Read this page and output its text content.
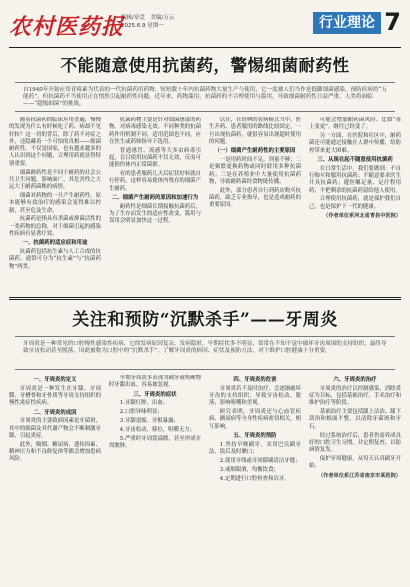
农村医药报
编辑/章壹　美编/万云
2025.6.9 星期一	行业理论 7
不能随意使用抗菌药，警惕细菌耐药性
自1940年开始应用青霉素为代表的一代抗菌药用药物，短短数十年内抗菌药物大量生产与使用，它一度被人们当作是抵御细菌感染、预防疾病的“万能药”，但抗菌药不当使用正在悄然引起耐药性问题。近年来，药物滥用，抗菌药的不合理使用与滥用，导致细菌耐药性日益严重，人类将面临——“超级细菌”的挑战。

随着抗菌药的临床应用普遍，慢慢的发现为什么有时候吃了药、病却不见好转？这一切的背后，除了药不对症之外，还隐藏着一个可怕的真相——细菌耐药性。不仅是国家，也有越来越多的人认识到这个问题，合理用药就显得特别重要。

细菌耐药性是不同于耐药的社会公共卫生问题，影响面广，其危害性之大远大于耐药菌株的病情。

细菌对药物的一旦产生耐药性，原本能够有效治疗的感染会变得难以控制，甚至危及生命。

抗菌药是指具有杀菌或抑菌活性的一类药物的总称，对于细菌引起的感染性疾病有显著疗效。

一、抗菌药的适应症和用途

抗菌药包括抗生素与人工合成的抗菌药，通常可分为“抗生素”与“抗菌药物”两类。

抗菌药物主要是针对细菌感染的药物，对病毒感染无效。不同种类的抗菌药作用机制不同，适用范围也不同，应在医生或药师指导下选用。

普通感冒、流感等大多由病毒引起，盲目使用抗菌药不仅无效，反而可能损伤体内正常菌群。

有的患者服药几天后症状好转就自行停药，这样容易使体内残存的细菌产生耐药。

二、细菌产生耐药的原因和加速行为

耐药性是细菌长期接触抗菌药后，为了生存而发生的适应性改变，滥用与误用会明显加快这一过程。

以往，在经典的看病模式当中，医生开药、患者服用的路线比较固定，一旦出现抗菌药，就很容易出现超时使用的问题。

（一）细菌产生耐药性的主要原因

一是用药时间不足，剂量不够；二是频繁更换药物或同时联用多种抗菌药；三是在养殖业中大量使用抗菌药物，导致耐药菌经食物链传播。

此外，部分患者自行到药店购买抗菌药，缺乏专业指导，也是造成耐药的重要原因。

可能会增加耐药菌风险。比如“毒上变更”。继往已经变了。

另一方面，在医院和社区中，耐药菌还可能通过接触在人群中传播，给防控带来更大困难。

三、从现在起不随意使用抗菌药

在日常生活中，我们要做到：不自行购买和服用抗菌药；不随意要求医生开具抗菌药；遵医嘱足量、足疗程用药；不把剩余的抗菌药留给他人使用。

合理使用抗菌药，就是保护我们自己，也是保护下一代的健康。

（作者单位系河北省青县中医院）
关注和预防“沉默杀手”——牙周炎
牙周炎是一种常见的口腔慢性感染性疾病，它的发病原因复杂，发病隐匿，早期症状多不明显，常常在不知不觉中破坏牙齿周围的支持组织，最终导致牙齿松动甚至脱落，因此被称为口腔中的“沉默杀手”。了解牙周炎的病因、症状及预防方法，对于维护口腔健康十分重要。

一、牙周炎的定义

牙周炎是一种发生在牙龈、牙周膜、牙槽骨和牙骨质等牙周支持组织的慢性炎症性疾病。

二、牙周炎的成因

牙周炎的主要致病因素是牙菌斑，其中的细菌及其代谢产物会不断刺激牙龈，引起炎症。

此外，吸烟、糖尿病、遗传因素、精神压力和不良修复体等都会增加患病风险。

早期牙周炎多表现为刷牙或咬硬物时牙龈出血，容易被忽视。

三、牙周炎的症状

1.牙龈红肿、出血；

2.口腔异味明显；

3.牙龈退缩、牙根暴露；

4.牙齿松动、移位，咀嚼无力；

5.严重时牙周袋溢脓，甚至形成牙周脓肿。

四、牙周炎的危害

牙周炎若不及时治疗，会逐渐破坏牙齿的支持组织，导致牙齿松动、脱落，影响咀嚼和美观。

研究表明，牙周炎还与心血管疾病、糖尿病等全身性疾病密切相关，相互影响。

五、牙周炎的预防

1.坚持早晚刷牙，采用巴氏刷牙法，饭后及时漱口；

2.使用牙线或牙间隙刷清洁牙缝；

3.戒烟限酒，均衡饮食；

4.定期进行口腔检查和洁牙。

六、牙周炎的治疗

牙周炎的治疗以控制感染、消除炎症为目标，包括基础治疗、手术治疗和维护治疗等阶段。

基础治疗主要包括龈上洁治、龈下刮治和根面平整，以清除牙菌斑和牙石。

经过系统治疗后，患者仍需养成良好的口腔卫生习惯，并定期复查，以防病情复发。

保护牙周健康，从每天认真刷牙开始。

（作者单位系江苏省南京市某医院）
